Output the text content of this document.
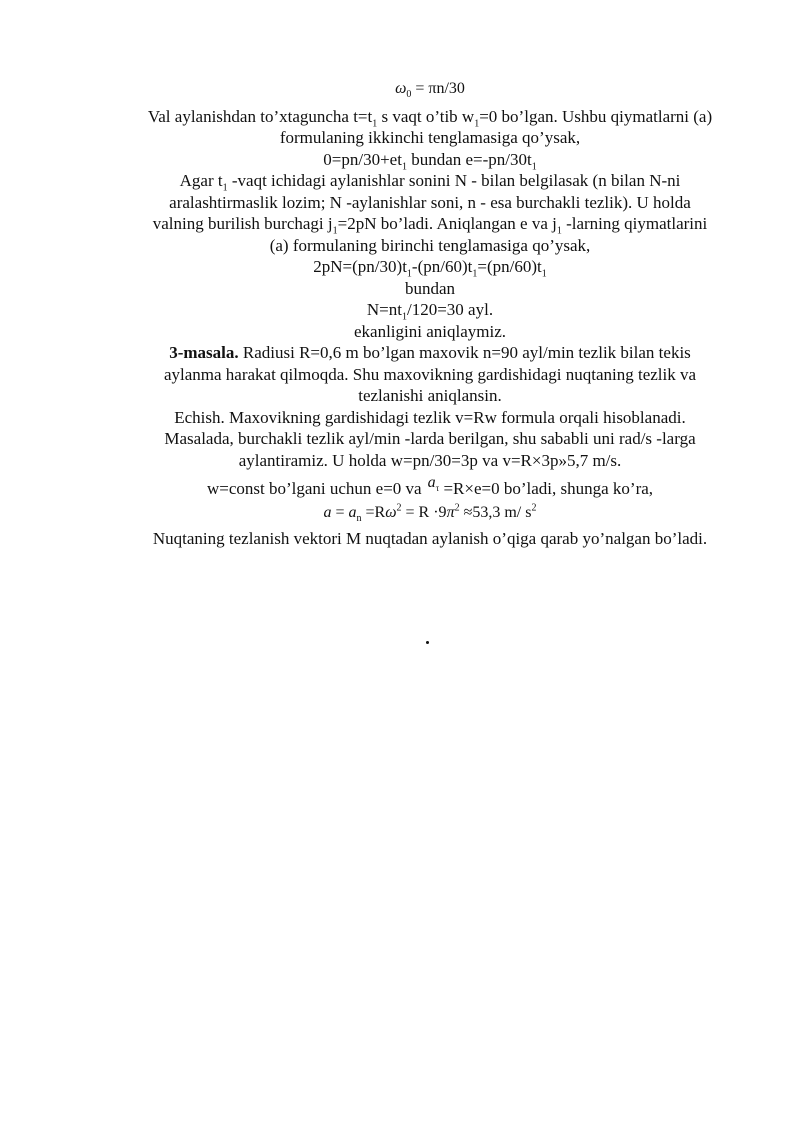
$\omega_0 = \pi n/30$
Val aylanishdan to’xtaguncha $t=t_1$ s vaqt o’tib $w_1=0$ bo’lgan. Ushbu qiymatlarni (a)
formulaning ikkinchi tenglamasiga qo’ysak,
$0=pn/30+et_1$ bundan $e=-pn/30t_1$
Agar $t_1$ -vaqt ichidagi aylanishlar sonini N - bilan belgilasak (n bilan N-ni
aralashtirmaslik lozim; N -aylanishlar soni, n - esa burchakli tezlik). U holda
valning burilish burchagi $j_1=2pN$ bo’ladi. Aniqlangan e va $j_1$ -larning qiymatlarini
(a) formulaning birinchi tenglamasiga qo’ysak,
$2pN=(pn/30)t_1-(pn/60)t_1=(pn/60)t_1$
bundan
$N=nt_1/120=30$ ayl.
ekanligini aniqlaymiz.
3-masala. Radiusi R=0,6 m bo’lgan maxovik n=90 ayl/min tezlik bilan tekis
aylanma harakat qilmoqda. Shu maxovikning gardishidagi nuqtaning tezlik va
tezlanishi aniqlansin.
Echish. Maxovikning gardishidagi tezlik v=Rw formula orqali hisoblanadi.
Masalada, burchakli tezlik ayl/min -larda berilgan, shu sababli uni rad/s -larga
aylantiramiz. U holda w=pn/30=3p va v=R×3p»5,7 m/s.
w=const bo’lgani uchun e=0 va $a_\tau =R\times e=0$ bo’ladi, shunga ko’ra,
$a = a_n =R\omega^2 = R \cdot 9\pi^2 \approx 53,3$ m/ $s^2$
Nuqtaning tezlanish vektori M nuqtadan aylanish o’qiga qarab yo’nalgan bo’ladi.
